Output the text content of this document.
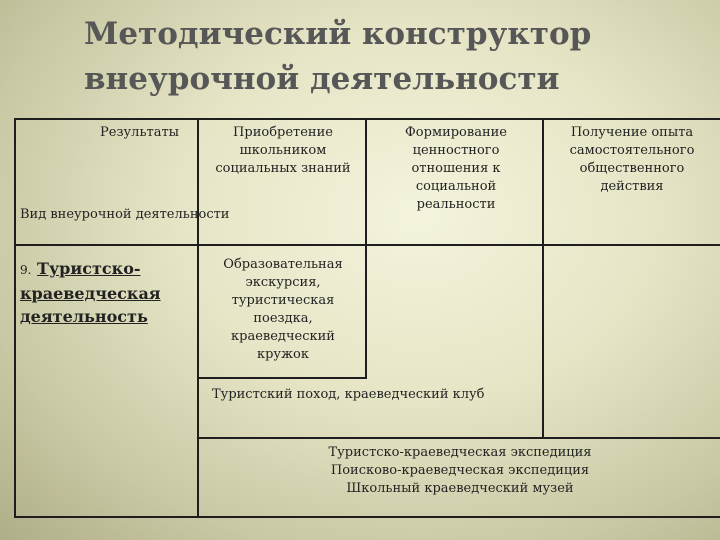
Методический конструктор внеурочной деятельности
Результаты
Вид внеурочной деятельности
Приобретение школьником социальных знаний
Формирование ценностного отношения к социальной реальности
Получение опыта самостоятельного общественного действия
9. Туристско-краеведческая деятельность
Образовательная экскурсия, туристическая поездка, краеведческий кружок
Туристский поход, краеведческий клуб
Туристско-краеведческая экспедиция
Поисково-краеведческая экспедиция
Школьный краеведческий музей
